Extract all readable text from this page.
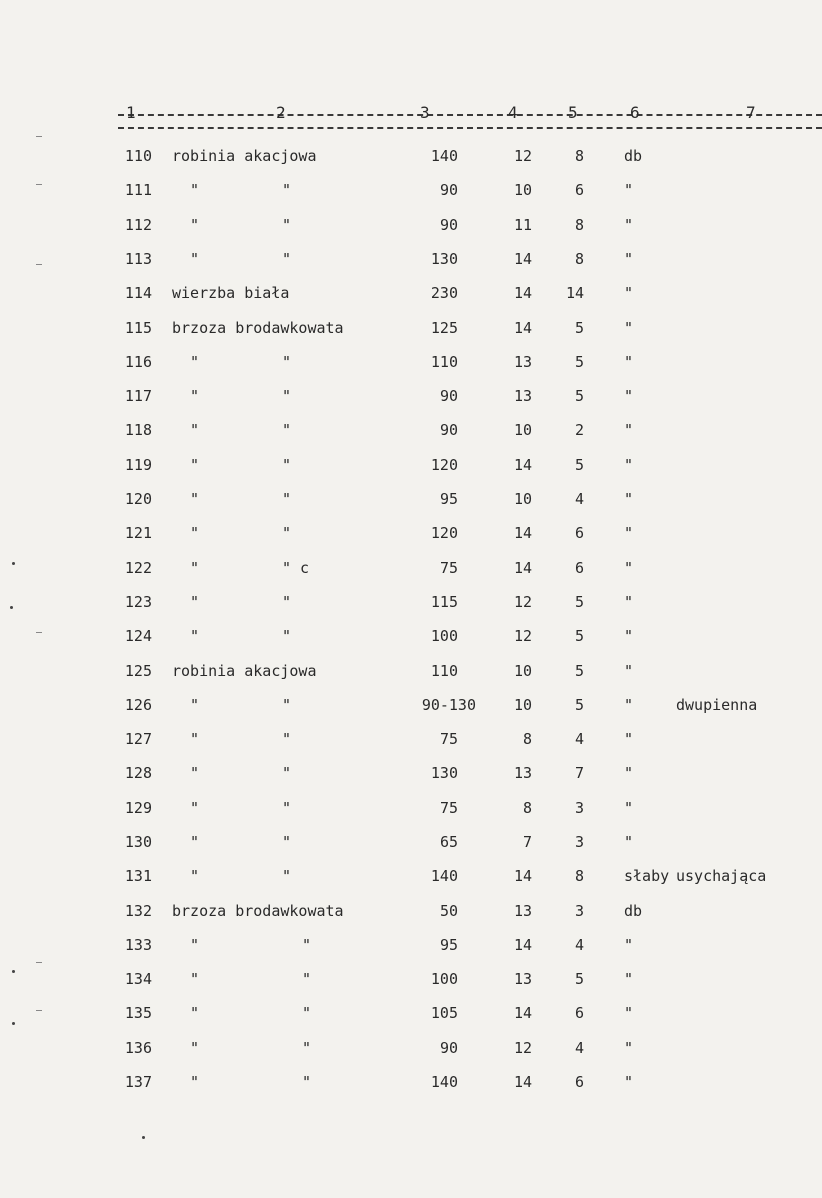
1	2	3	4	5	6	7
110 robinia akacjowa	140	12	8	db
111	"	"	90	10	6	"
112	"	"	90	11	8	"
113	"	"	130	14	8	"
114 wierzba biała	230	14	14	"
115 brzoza brodawkowata	125	14	5	"
116	"	"	110	13	5	"
117	"	"	90	13	5	"
118	"	"	90	10	2	"
119	"	"	120	14	5	"
120	"	"	95	10	4	"
121	"	"	120	14	6	"
122	"	" c	75	14	6	"
123	"	"	115	12	5	"
124	"	"	100	12	5	"
125 robinia akacjowa	110	10	5	"
126	"	"	90-130	10	5	"	dwupienna
127	"	"	75	8	4	"
128	"	"	130	13	7	"
129	"	"	75	8	3	"
130	"	"	65	7	3	"
131	"	"	140	14	8	słaby usychająca
132 brzoza brodawkowata	50	13	3	db
133	"	"	95	14	4	"
134	"	"	100	13	5	"
135	"	"	105	14	6	"
136	"	"	90	12	4	"
137	"	"	140	14	6	"
